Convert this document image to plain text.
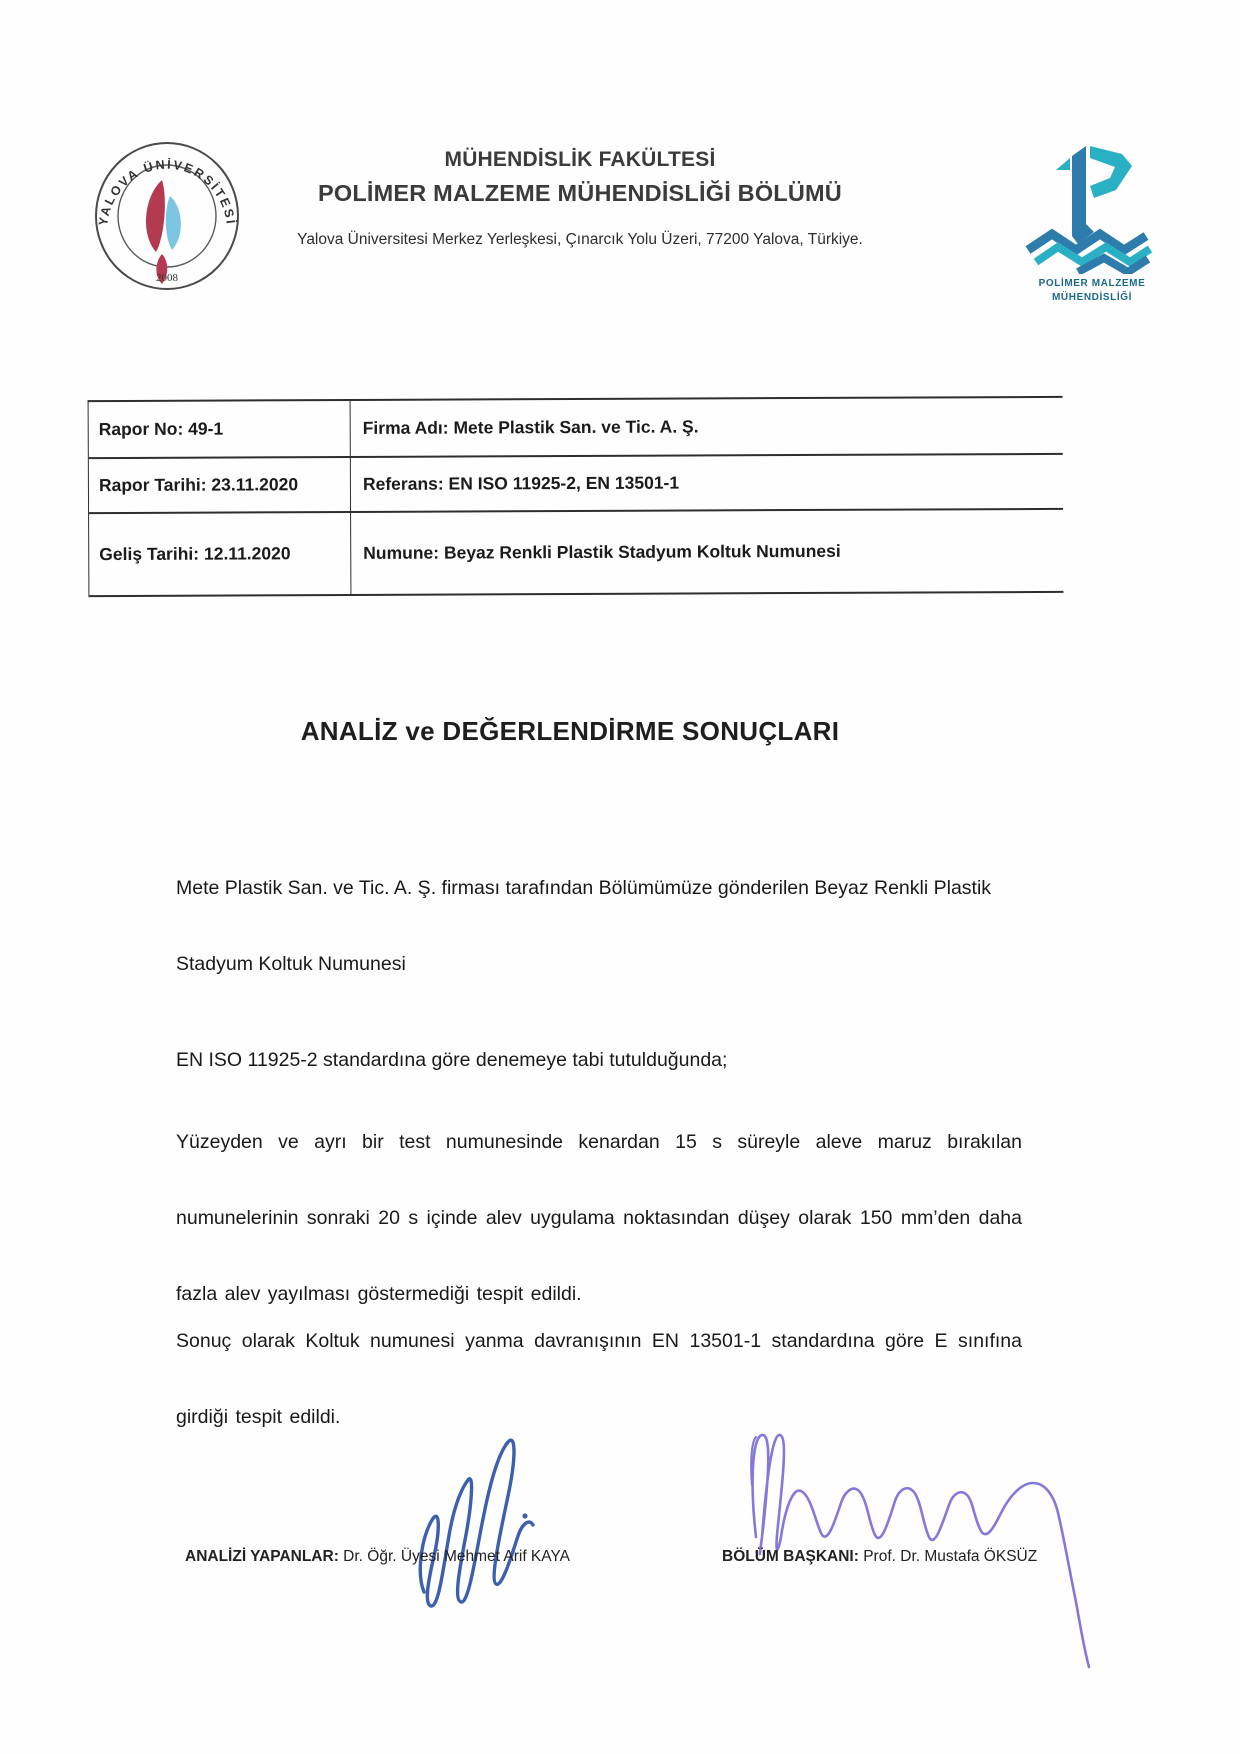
YALOVA ÜNİVERSİTESİ
2008
MÜHENDİSLİK FAKÜLTESİ
POLİMER MALZEME MÜHENDİSLİĞİ BÖLÜMÜ
Yalova Üniversitesi Merkez Yerleşkesi, Çınarcık Yolu Üzeri, 77200 Yalova, Türkiye.
POLİMER MALZEME
MÜHENDİSLİĞİ
Rapor No: 49-1	Firma Adı: Mete Plastik San. ve Tic. A. Ş.
Rapor Tarihi: 23.11.2020	Referans: EN ISO 11925-2, EN 13501-1
Geliş Tarihi: 12.11.2020	Numune: Beyaz Renkli Plastik Stadyum Koltuk Numunesi
ANALİZ ve DEĞERLENDİRME SONUÇLARI
Mete Plastik San. ve Tic. A. Ş. firması tarafından Bölümümüze gönderilen Beyaz Renkli Plastik Stadyum Koltuk Numunesi
EN ISO 11925-2 standardına göre denemeye tabi tutulduğunda;
Yüzeyden ve ayrı bir test numunesinde kenardan 15 s süreyle aleve maruz bırakılan numunelerinin sonraki 20 s içinde alev uygulama noktasından düşey olarak 150 mm’den daha fazla alev yayılması göstermediği tespit edildi.
Sonuç olarak Koltuk numunesi yanma davranışının EN 13501-1 standardına göre E sınıfına girdiği tespit edildi.
ANALİZİ YAPANLAR: Dr. Öğr. Üyesi Mehmet Arif KAYA	BÖLÜM BAŞKANI: Prof. Dr. Mustafa ÖKSÜZ
